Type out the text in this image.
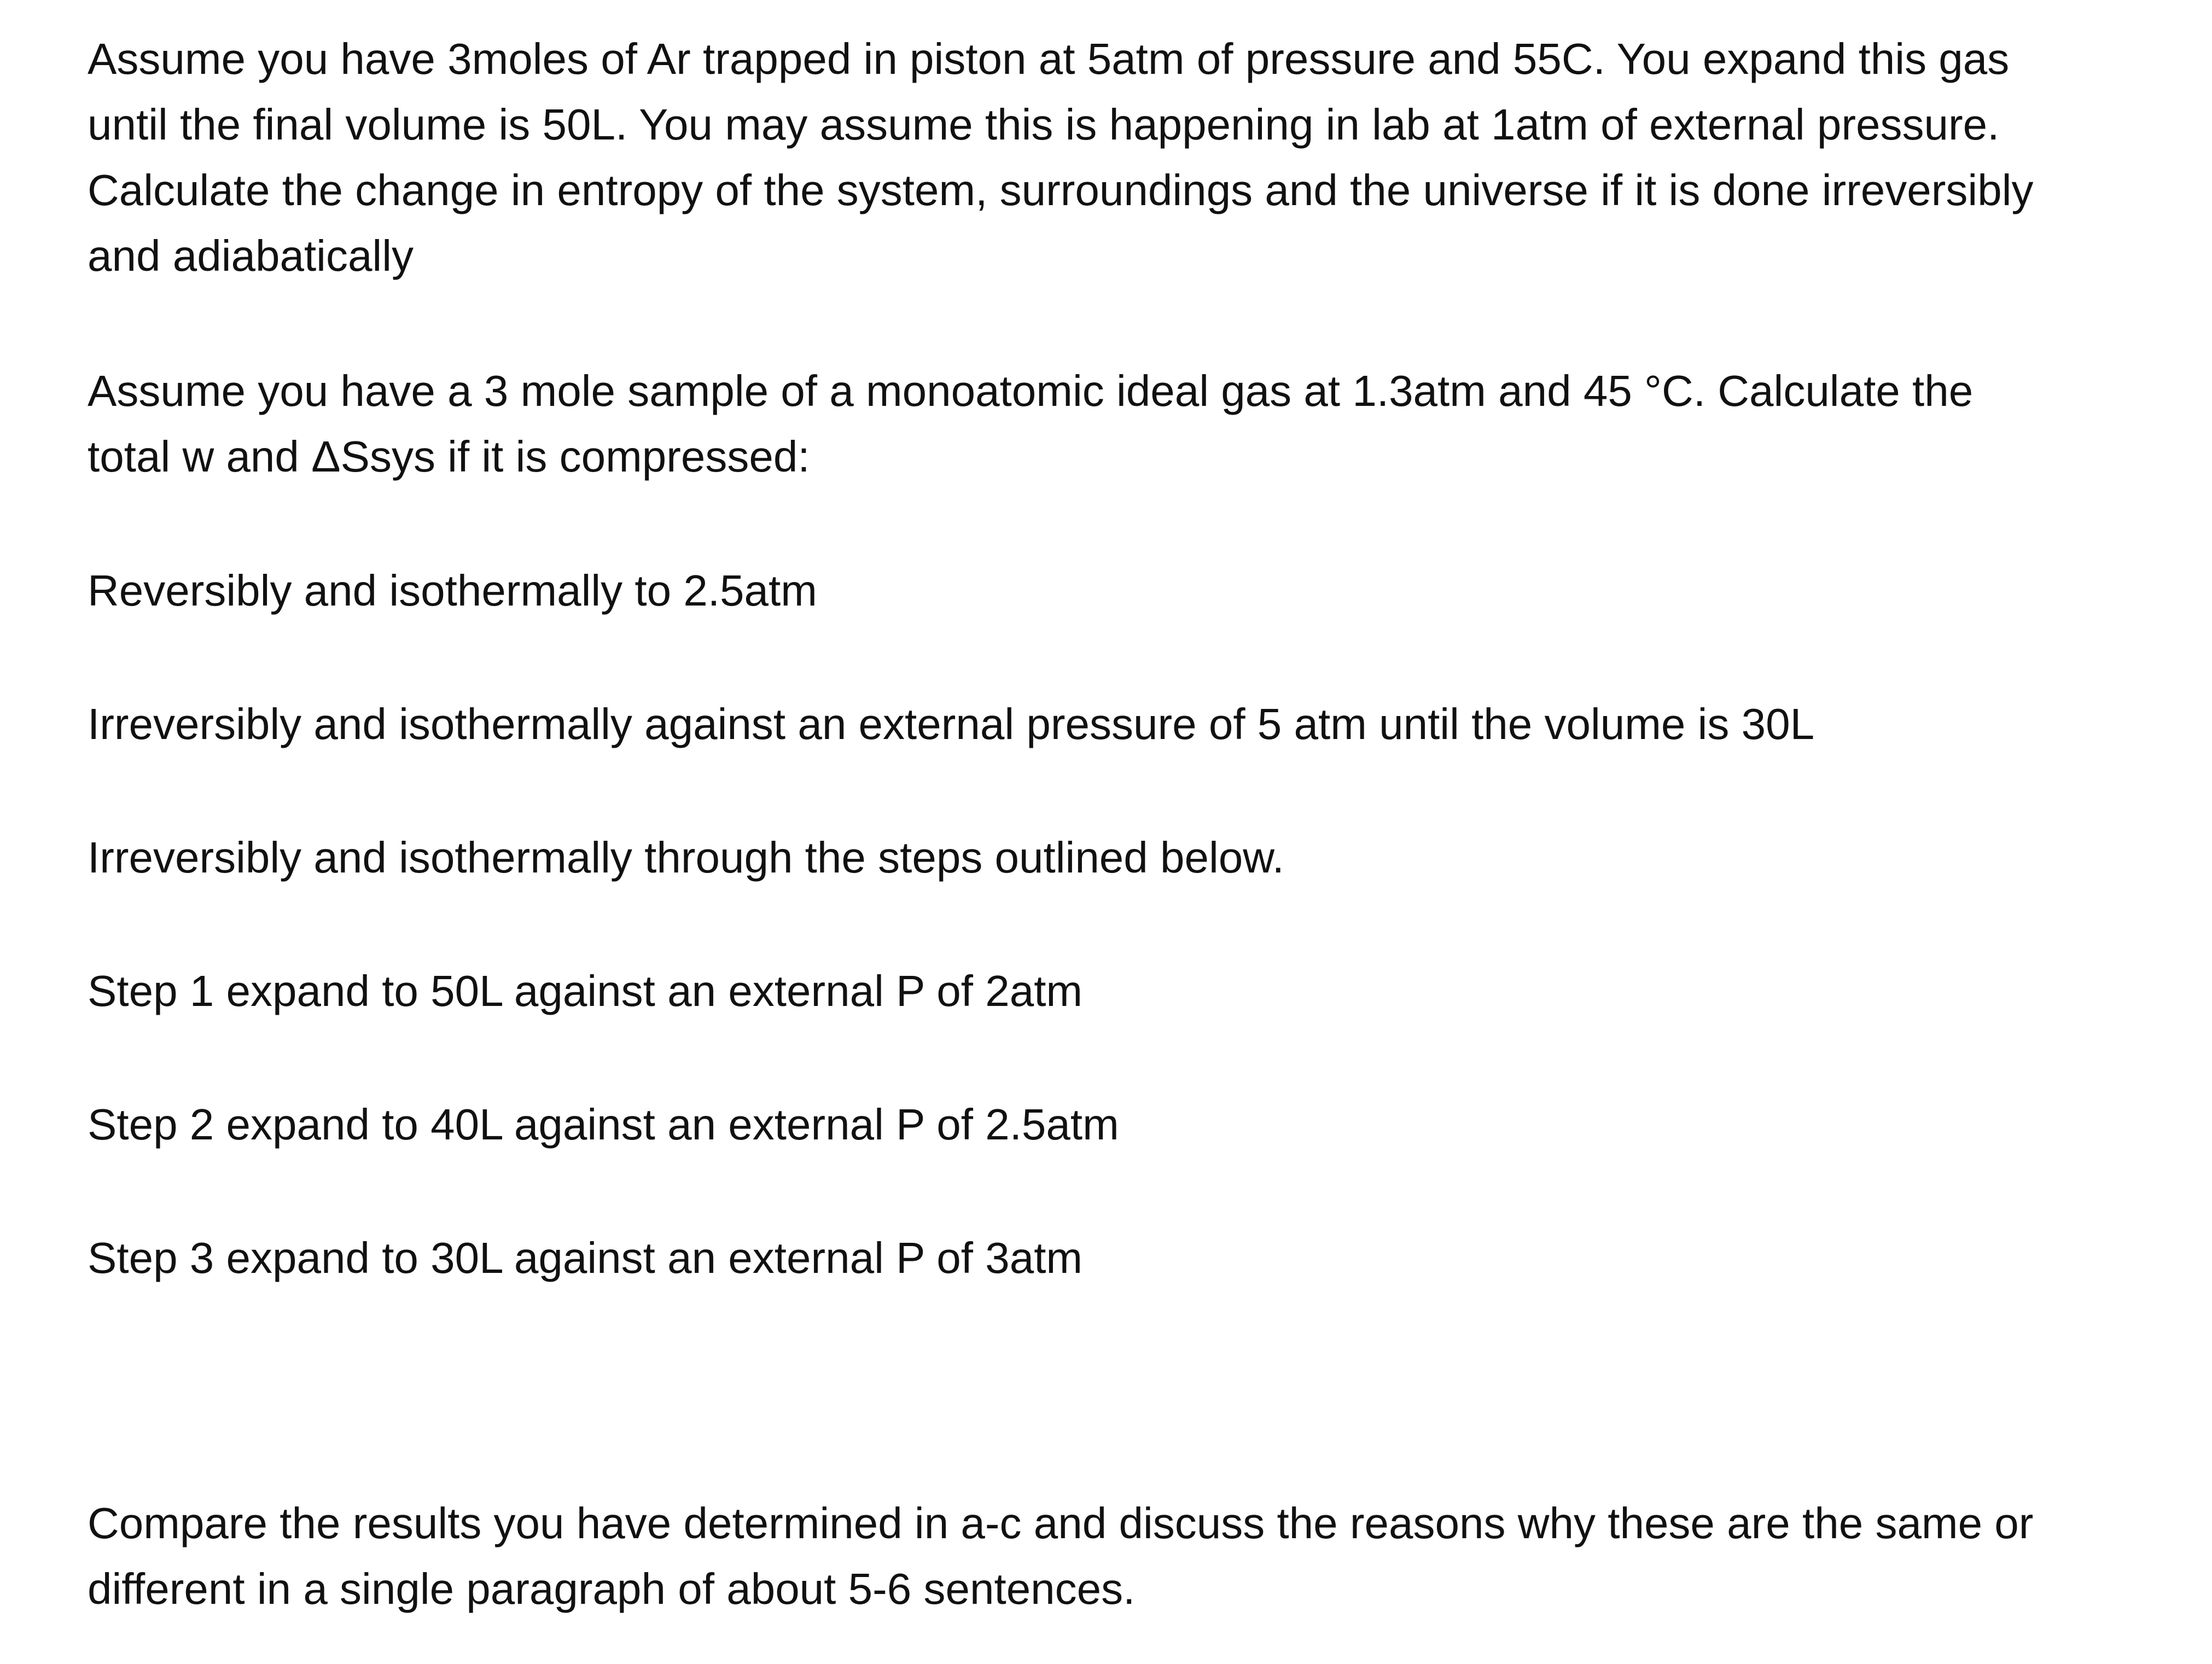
Assume you have 3moles of Ar trapped in piston at 5atm of pressure and 55C. You expand this gas
until the final volume is 50L. You may assume this is happening in lab at 1atm of external pressure.
Calculate the change in entropy of the system, surroundings and the universe if it is done irreversibly
and adiabatically

Assume you have a 3 mole sample of a monoatomic ideal gas at 1.3atm and 45 °C. Calculate the
total w and ΔSsys if it is compressed:

Reversibly and isothermally to 2.5atm

Irreversibly and isothermally against an external pressure of 5 atm until the volume is 30L

Irreversibly and isothermally through the steps outlined below.

Step 1 expand to 50L against an external P of 2atm

Step 2 expand to 40L against an external P of 2.5atm

Step 3 expand to 30L against an external P of 3atm

Compare the results you have determined in a-c and discuss the reasons why these are the same or
different in a single paragraph of about 5-6 sentences.
